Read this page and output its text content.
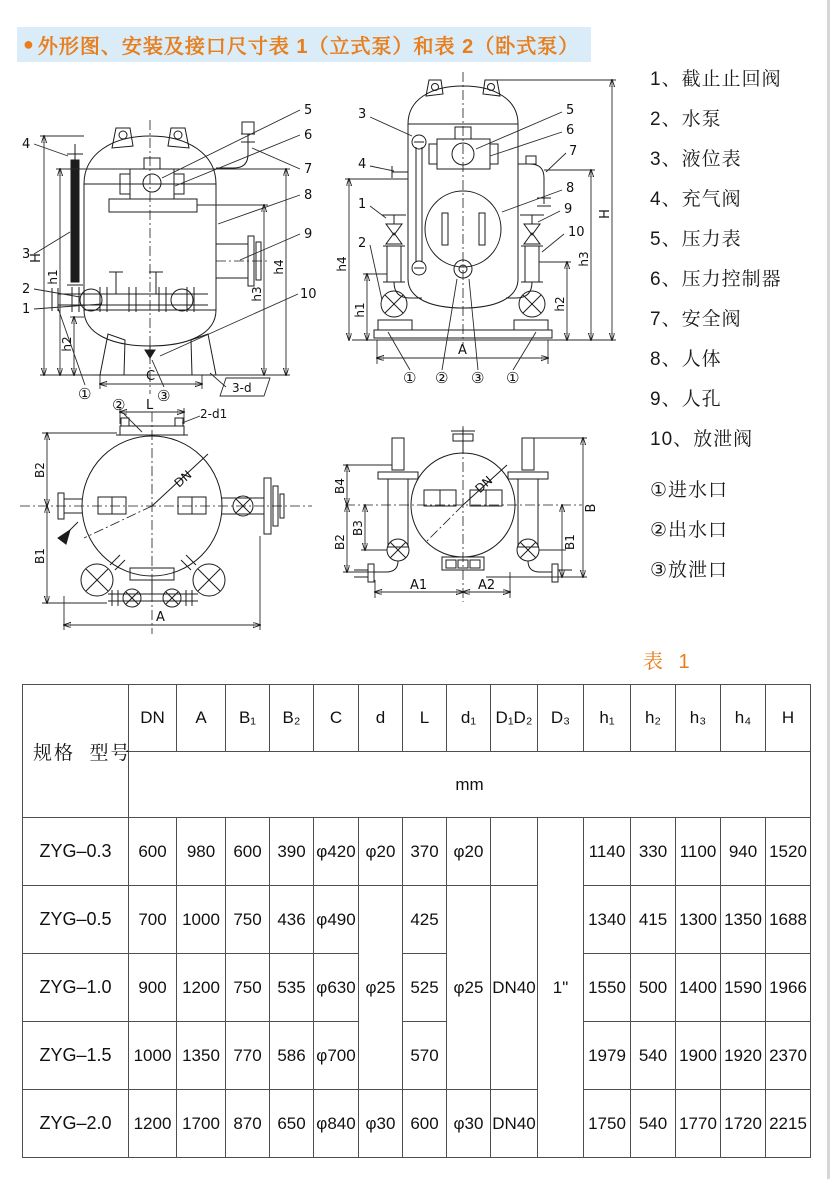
● 外形图、安装及接口尺寸表 1（立式泵）和表 2（卧式泵）
4
3
2
1
5
6
7
8
9
10
H
h1
h2
h3
h4
C
3-d
①	③
3
4
1
2
5
6
7
8
9
10
h4
h1
H
h3
h2
A
① ② ③ ①
L
2-d1
B2
B1
A
DN
②
B4
B2
B3
B
B1
A1	A2
DN
1、截止止回阀
2、水泵
3、液位表
4、充气阀
5、压力表
6、压力控制器
7、安全阀
8、人体
9、人孔
10、放泄阀
①进水口
②出水口
③放泄口
表 1
规格  型号	DN	A	B₁	B₂	C	d	L	d₁	D₁D₂	D₃	h₁	h₂	h₃	h₄	H
	mm														
ZYG–0.3	600	980	600	390	φ420	φ20	370	φ20		1"	1140	330	1100	940	1520
ZYG–0.5	700	1000	750	436	φ490	φ25	425	φ25	DN40		1340	415	1300	1350	1688
ZYG–1.0	900	1200	750	535	φ630		525				1550	500	1400	1590	1966
ZYG–1.5	1000	1350	770	586	φ700		570				1979	540	1900	1920	2370
ZYG–2.0	1200	1700	870	650	φ840	φ30	600	φ30	DN40		1750	540	1770	1720	2215
